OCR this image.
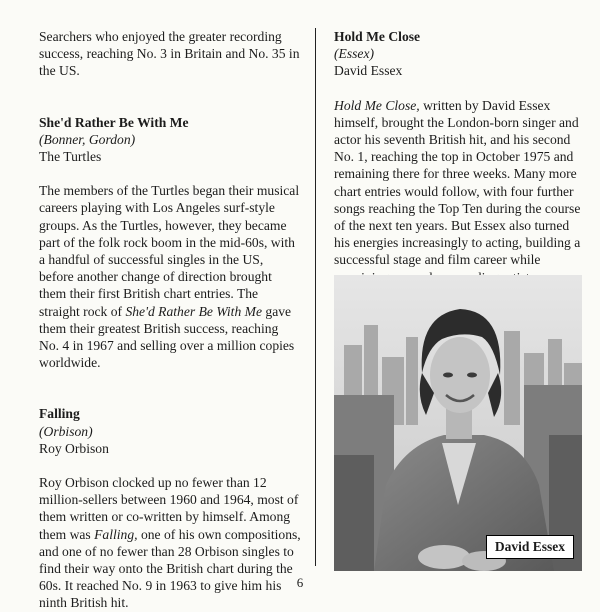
Searchers who enjoyed the greater recording success, reaching No. 3 in Britain and No. 35 in the US.

She'd Rather Be With Me

(Bonner, Gordon)

The Turtles

The members of the Turtles began their musical careers playing with Los Angeles surf-style groups. As the Turtles, however, they became part of the folk rock boom in the mid-60s, with a handful of successful singles in the US, before another change of direction brought them their first British chart entries. The straight rock of She'd Rather Be With Me gave them their greatest British success, reaching No. 4 in 1967 and selling over a million copies worldwide.

Falling

(Orbison)

Roy Orbison

Roy Orbison clocked up no fewer than 12 million-sellers between 1960 and 1964, most of them written or co-written by himself. Among them was Falling, one of his own compositions, and one of no fewer than 28 Orbison singles to find their way onto the British chart during the 60s. It reached No. 9 in 1963 to give him his ninth British hit.

Hold Me Close

(Essex)

David Essex

Hold Me Close, written by David Essex himself, brought the London-born singer and actor his seventh British hit, and his second No. 1, reaching the top in October 1975 and remaining there for three weeks. Many more chart entries would follow, with four further songs reaching the Top Ten during the course of the next ten years. But Essex also turned his energies increasingly to acting, building a successful stage and film career while

David Essex
6
